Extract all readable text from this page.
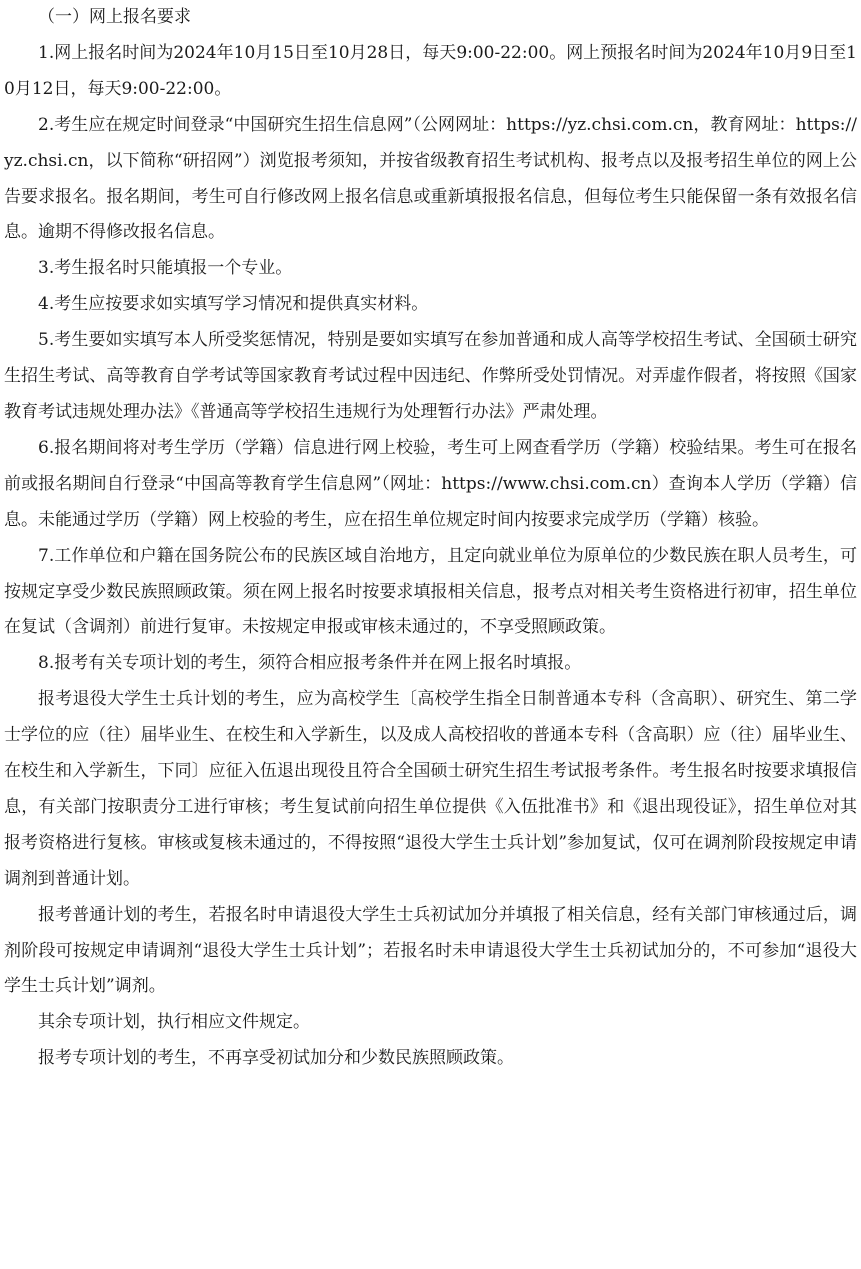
（一）网上报名要求

1.网上报名时间为2024年10月15日至10月28日，每天9:00-22:00。网上预报名时间为2024年10月9日至10月12日，每天9:00-22:00。

2.考生应在规定时间登录“中国研究生招生信息网”（公网网址：https://yz.chsi.com.cn，教育网址：https://yz.chsi.cn，以下简称“研招网”）浏览报考须知，并按省级教育招生考试机构、报考点以及报考招生单位的网上公告要求报名。报名期间，考生可自行修改网上报名信息或重新填报报名信息，但每位考生只能保留一条有效报名信息。逾期不得修改报名信息。

3.考生报名时只能填报一个专业。

4.考生应按要求如实填写学习情况和提供真实材料。

5.考生要如实填写本人所受奖惩情况，特别是要如实填写在参加普通和成人高等学校招生考试、全国硕士研究生招生考试、高等教育自学考试等国家教育考试过程中因违纪、作弊所受处罚情况。对弄虚作假者，将按照《国家教育考试违规处理办法》《普通高等学校招生违规行为处理暂行办法》严肃处理。

6.报名期间将对考生学历（学籍）信息进行网上校验，考生可上网查看学历（学籍）校验结果。考生可在报名前或报名期间自行登录“中国高等教育学生信息网”（网址：https://www.chsi.com.cn）查询本人学历（学籍）信息。未能通过学历（学籍）网上校验的考生，应在招生单位规定时间内按要求完成学历（学籍）核验。

7.工作单位和户籍在国务院公布的民族区域自治地方，且定向就业单位为原单位的少数民族在职人员考生，可按规定享受少数民族照顾政策。须在网上报名时按要求填报相关信息，报考点对相关考生资格进行初审，招生单位在复试（含调剂）前进行复审。未按规定申报或审核未通过的，不享受照顾政策。

8.报考有关专项计划的考生，须符合相应报考条件并在网上报名时填报。

报考退役大学生士兵计划的考生，应为高校学生〔高校学生指全日制普通本专科（含高职）、研究生、第二学士学位的应（往）届毕业生、在校生和入学新生，以及成人高校招收的普通本专科（含高职）应（往）届毕业生、在校生和入学新生，下同〕应征入伍退出现役且符合全国硕士研究生招生考试报考条件。考生报名时按要求填报信息，有关部门按职责分工进行审核；考生复试前向招生单位提供《入伍批准书》和《退出现役证》，招生单位对其报考资格进行复核。审核或复核未通过的，不得按照“退役大学生士兵计划”参加复试，仅可在调剂阶段按规定申请调剂到普通计划。

报考普通计划的考生，若报名时申请退役大学生士兵初试加分并填报了相关信息，经有关部门审核通过后，调剂阶段可按规定申请调剂“退役大学生士兵计划”；若报名时未申请退役大学生士兵初试加分的，不可参加“退役大学生士兵计划”调剂。

其余专项计划，执行相应文件规定。

报考专项计划的考生，不再享受初试加分和少数民族照顾政策。
